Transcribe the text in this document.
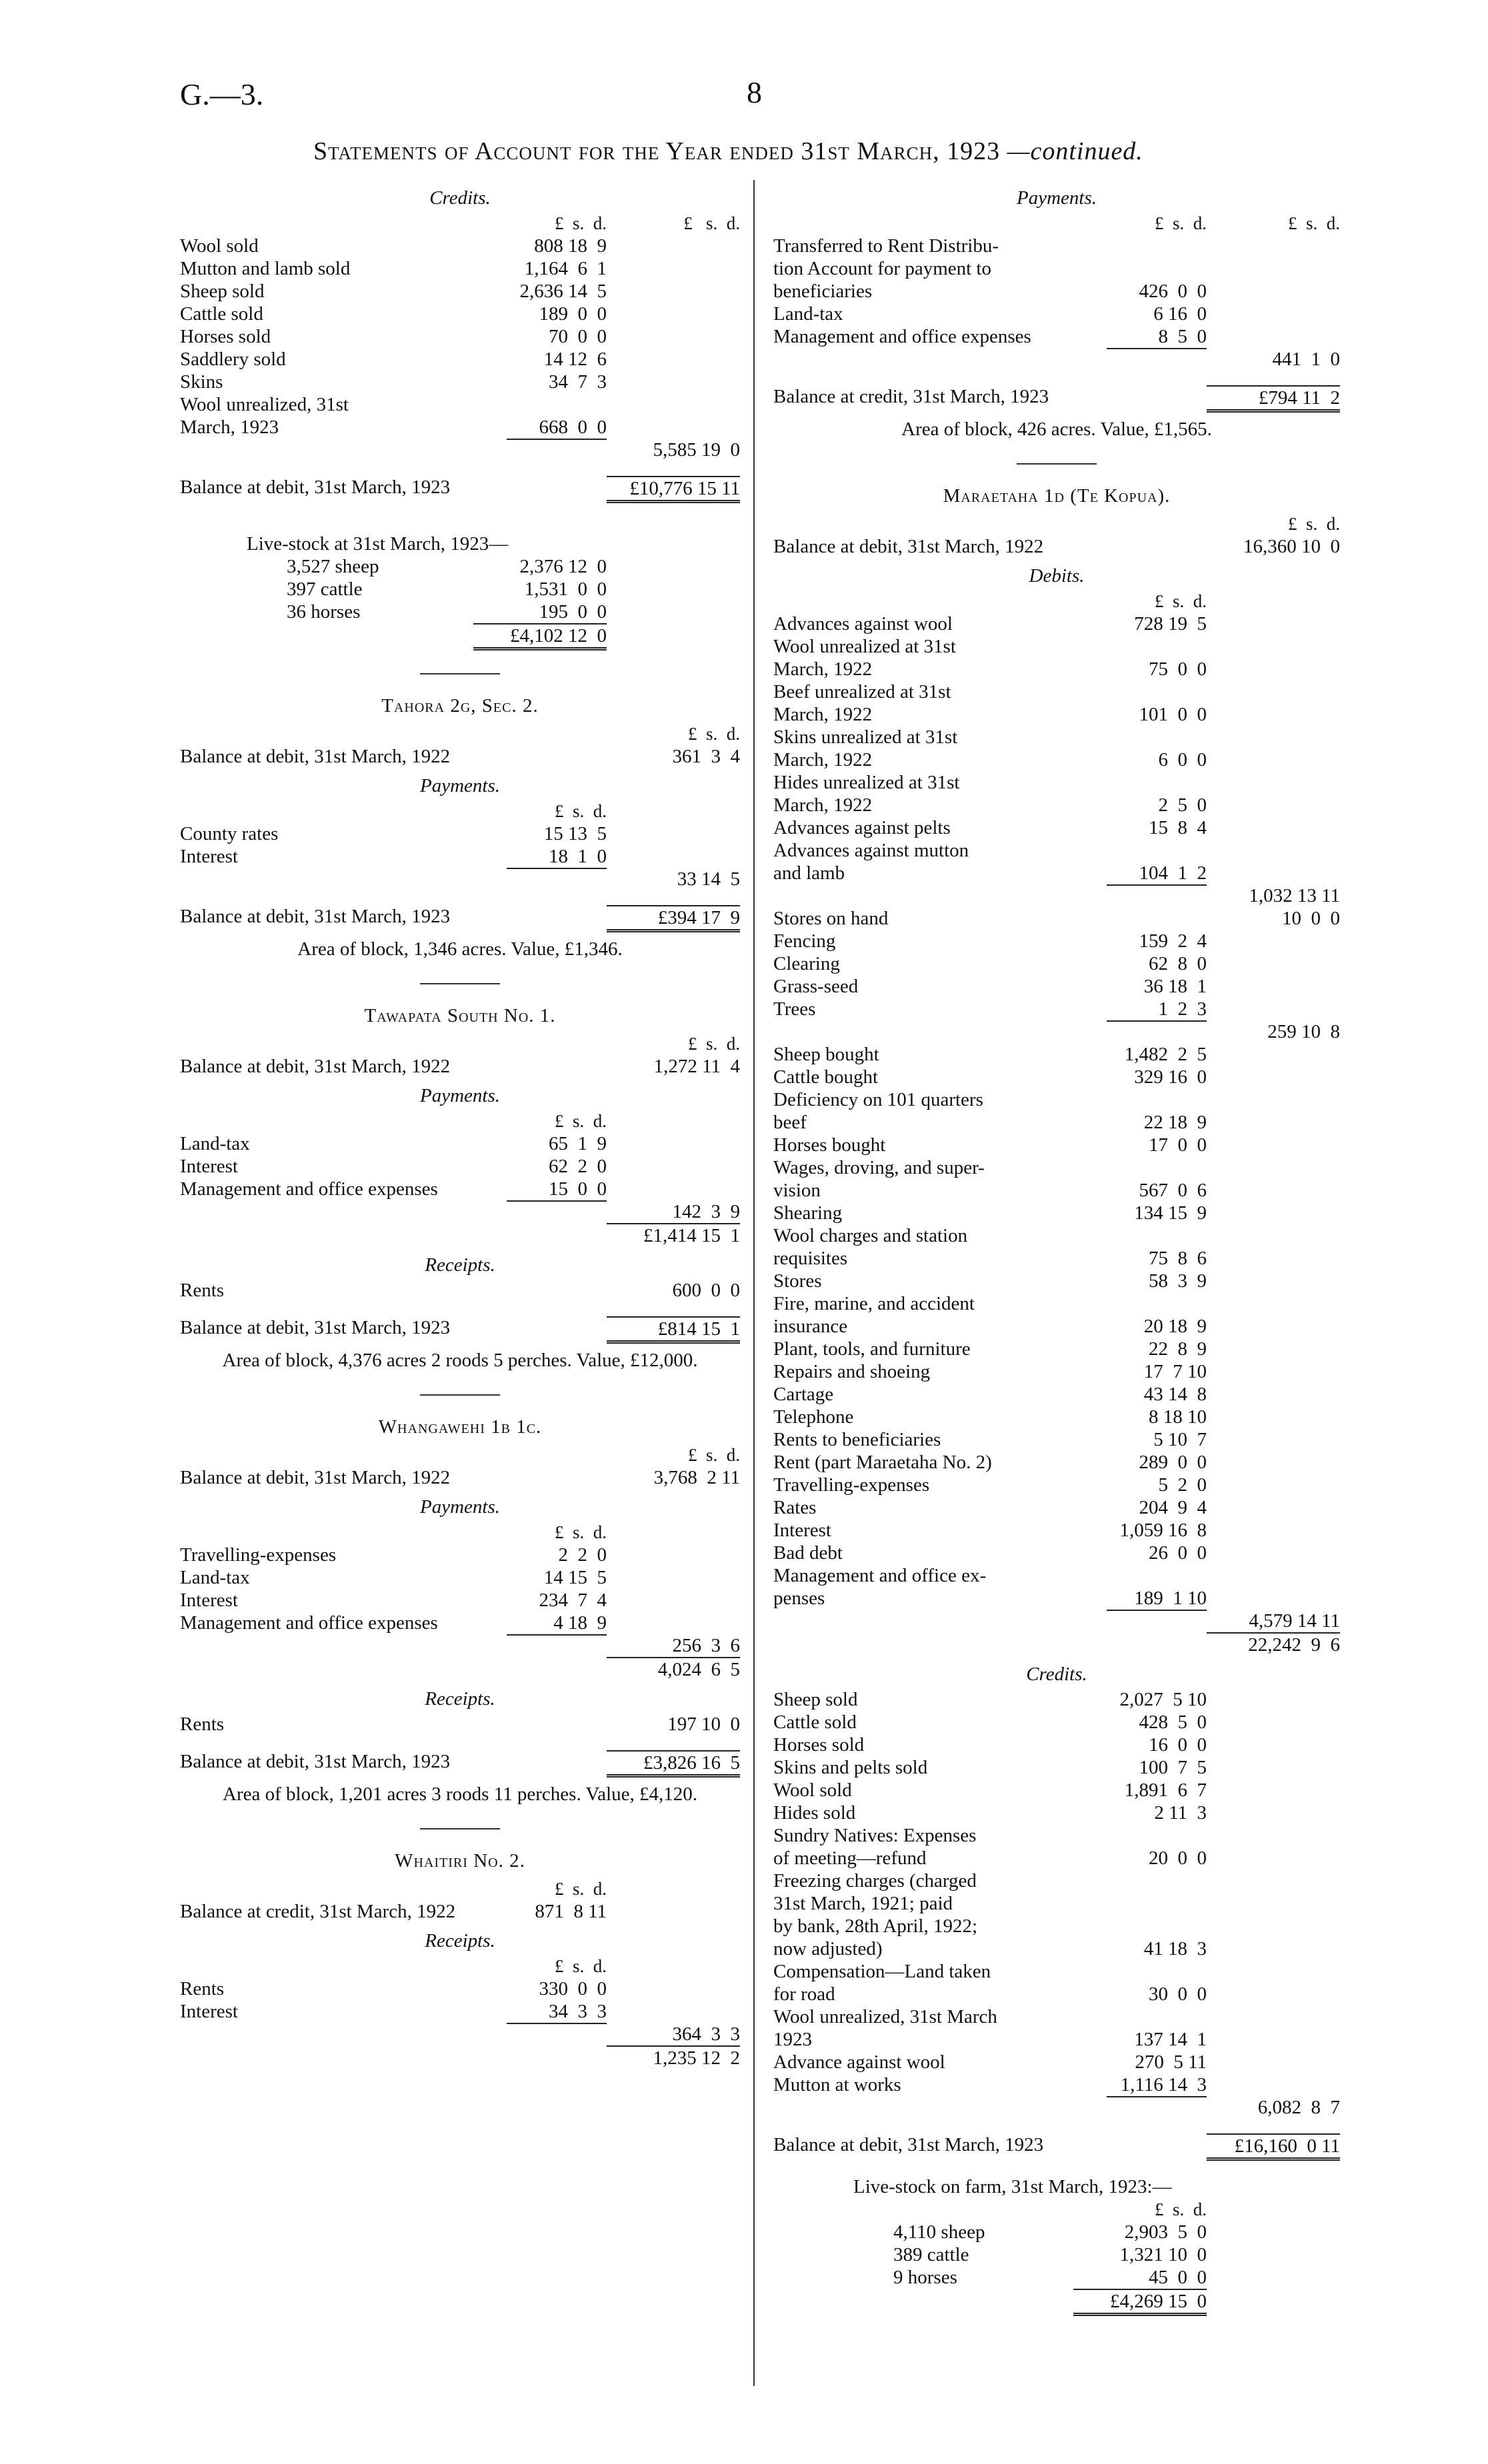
G.—3.	8
Statements of Account for the Year ended 31st March, 1923 —continued.
Credits.
£  s.  d.	£   s.  d.
Wool sold	808 18  9
Mutton and lamb sold	1,164  6  1
Sheep sold	2,636 14  5
Cattle sold	189  0  0
Horses sold	70  0  0
Saddlery sold	14 12  6
Skins	34  7  3
Wool unrealized, 31st
March, 1923	668  0  0
5,585 19  0
Balance at debit, 31st March, 1923	£10,776 15 11
Live-stock at 31st March, 1923—
3,527 sheep	2,376 12  0
397 cattle	1,531  0  0
36 horses	195  0  0
£4,102 12  0
Tahora 2g, Sec. 2.
£  s.  d.
Balance at debit, 31st March, 1922	361  3  4
Payments.
£  s.  d.
County rates	15 13  5
Interest	18  1  0
33 14  5
Balance at debit, 31st March, 1923	£394 17  9
Area of block, 1,346 acres. Value, £1,346.
Tawapata South No. 1.
£  s.  d.
Balance at debit, 31st March, 1922	1,272 11  4
Payments.
£  s.  d.
Land-tax	65  1  9
Interest	62  2  0
Management and office expenses	15  0  0
142  3  9
£1,414 15  1
Receipts.
Rents	600  0  0
Balance at debit, 31st March, 1923	£814 15  1
Area of block, 4,376 acres 2 roods 5 perches. Value, £12,000.
Whangawehi 1b 1c.
£  s.  d.
Balance at debit, 31st March, 1922	3,768  2 11
Payments.
£  s.  d.
Travelling-expenses	2  2  0
Land-tax	14 15  5
Interest	234  7  4
Management and office expenses	4 18  9
256  3  6
4,024  6  5
Receipts.
Rents	197 10  0
Balance at debit, 31st March, 1923	£3,826 16  5
Area of block, 1,201 acres 3 roods 11 perches. Value, £4,120.
Whaitiri No. 2.
£  s.  d.
Balance at credit, 31st March, 1922	871  8 11
Receipts.
£  s.  d.
Rents	330  0  0
Interest	34  3  3
364  3  3
1,235 12  2
Payments.
£  s.  d.	£  s.  d.
Transferred to Rent Distribu-
tion Account for payment to
beneficiaries	426  0  0
Land-tax	6 16  0
Management and office expenses	8  5  0
441  1  0
Balance at credit, 31st March, 1923	£794 11  2
Area of block, 426 acres. Value, £1,565.
Maraetaha 1d (Te Kopua).
£  s.  d.
Balance at debit, 31st March, 1922	16,360 10  0
Debits.
£  s.  d.
Advances against wool	728 19  5
Wool unrealized at 31st
March, 1922	75  0  0
Beef unrealized at 31st
March, 1922	101  0  0
Skins unrealized at 31st
March, 1922	6  0  0
Hides unrealized at 31st
March, 1922	2  5  0
Advances against pelts	15  8  4
Advances against mutton
and lamb	104  1  2
1,032 13 11
Stores on hand	10  0  0
Fencing	159  2  4
Clearing	62  8  0
Grass-seed	36 18  1
Trees	1  2  3
259 10  8
Sheep bought	1,482  2  5
Cattle bought	329 16  0
Deficiency on 101 quarters
beef	22 18  9
Horses bought	17  0  0
Wages, droving, and super-
vision	567  0  6
Shearing	134 15  9
Wool charges and station
requisites	75  8  6
Stores	58  3  9
Fire, marine, and accident
insurance	20 18  9
Plant, tools, and furniture	22  8  9
Repairs and shoeing	17  7 10
Cartage	43 14  8
Telephone	8 18 10
Rents to beneficiaries	5 10  7
Rent (part Maraetaha No. 2)	289  0  0
Travelling-expenses	5  2  0
Rates	204  9  4
Interest	1,059 16  8
Bad debt	26  0  0
Management and office ex-
penses	189  1 10
4,579 14 11
22,242  9  6
Credits.
Sheep sold	2,027  5 10
Cattle sold	428  5  0
Horses sold	16  0  0
Skins and pelts sold	100  7  5
Wool sold	1,891  6  7
Hides sold	2 11  3
Sundry Natives: Expenses
of meeting—refund	20  0  0
Freezing charges (charged
31st March, 1921; paid
by bank, 28th April, 1922;
now adjusted)	41 18  3
Compensation—Land taken
for road	30  0  0
Wool unrealized, 31st March
1923	137 14  1
Advance against wool	270  5 11
Mutton at works	1,116 14  3
6,082  8  7
Balance at debit, 31st March, 1923	£16,160  0 11
Live-stock on farm, 31st March, 1923:—
£  s.  d.
4,110 sheep	2,903  5  0
389 cattle	1,321 10  0
9 horses	45  0  0
£4,269 15  0
